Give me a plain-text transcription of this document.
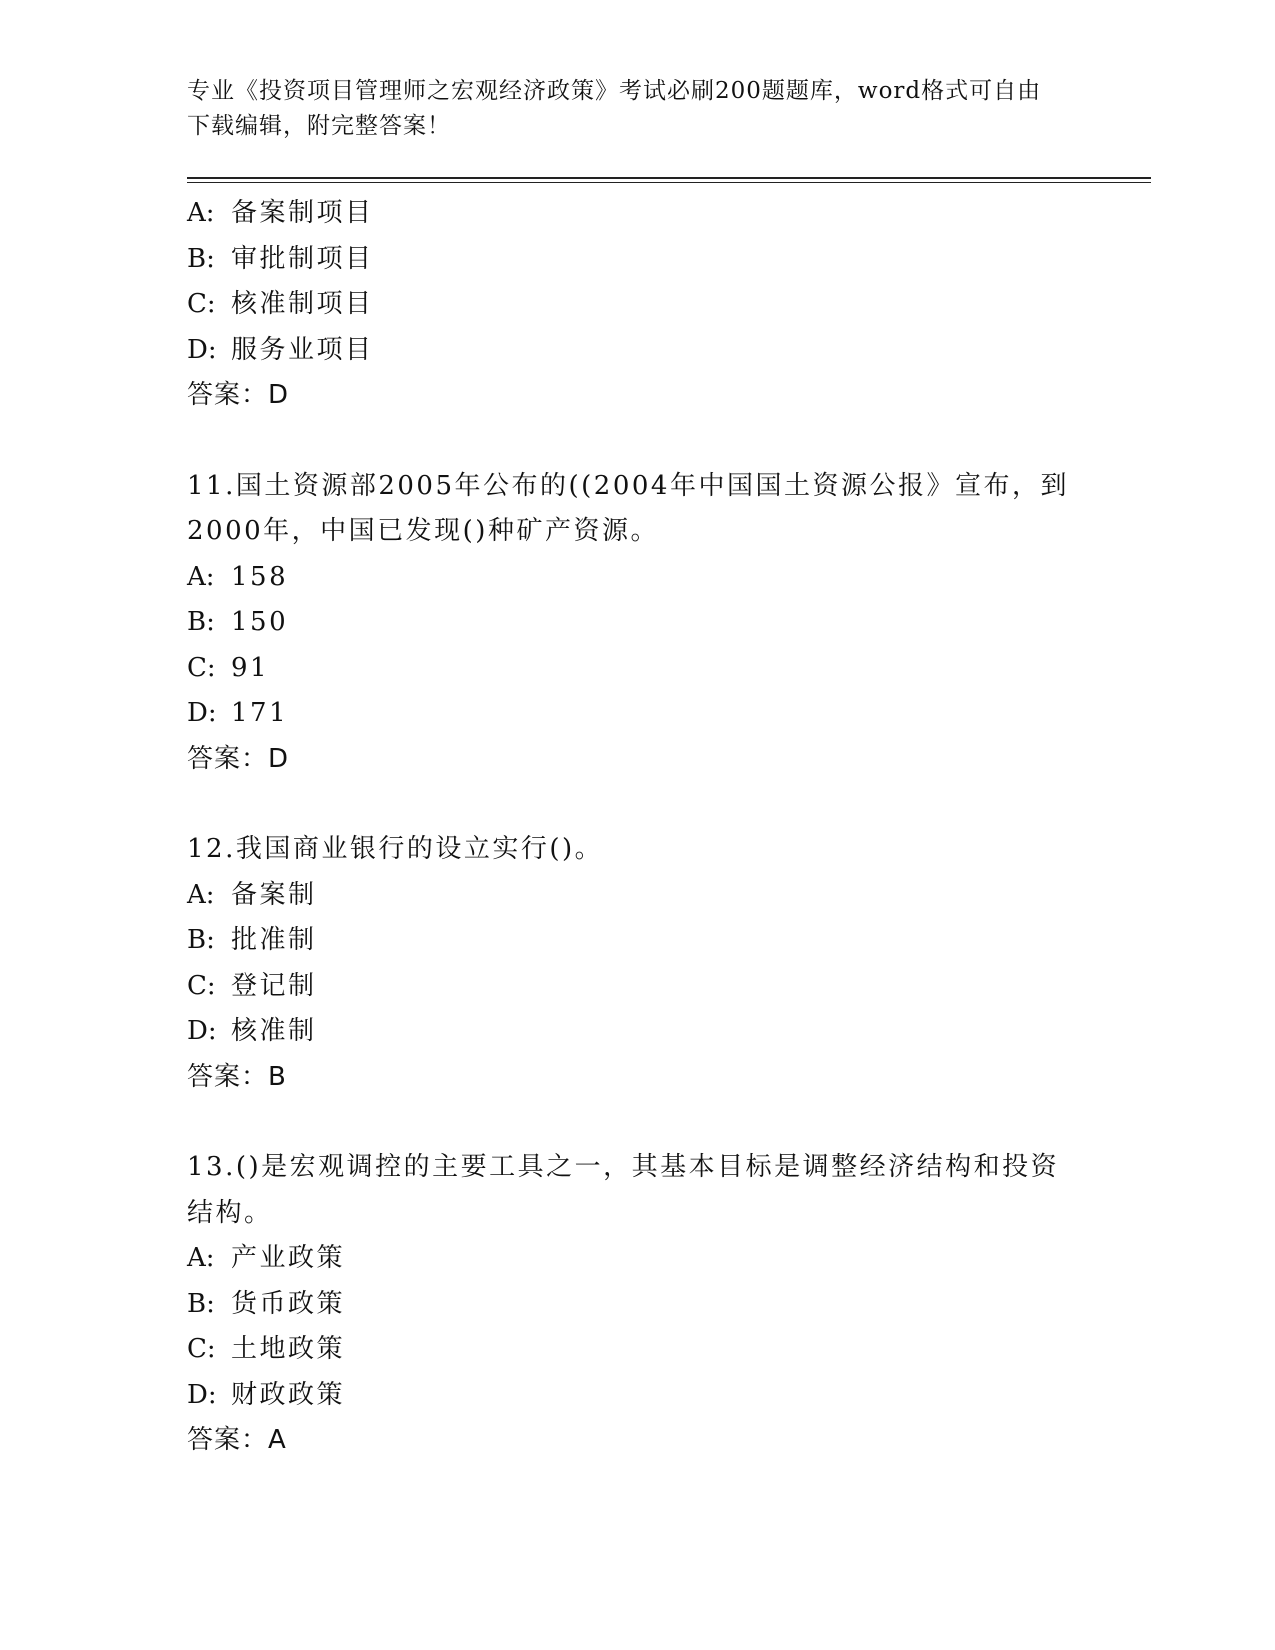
专业《投资项目管理师之宏观经济政策》考试必刷200题题库，word格式可自由
下载编辑，附完整答案！
A: 备案制项目
B: 审批制项目
C: 核准制项目
D: 服务业项目
答案：D
11.国土资源部2005年公布的((2004年中国国土资源公报》宣布，到
2000年，中国已发现()种矿产资源。
A: 158
B: 150
C: 91
D: 171
答案：D
12.我国商业银行的设立实行()。
A: 备案制
B: 批准制
C: 登记制
D: 核准制
答案：B
13.()是宏观调控的主要工具之一，其基本目标是调整经济结构和投资
结构。
A: 产业政策
B: 货币政策
C: 土地政策
D: 财政政策
答案：A
